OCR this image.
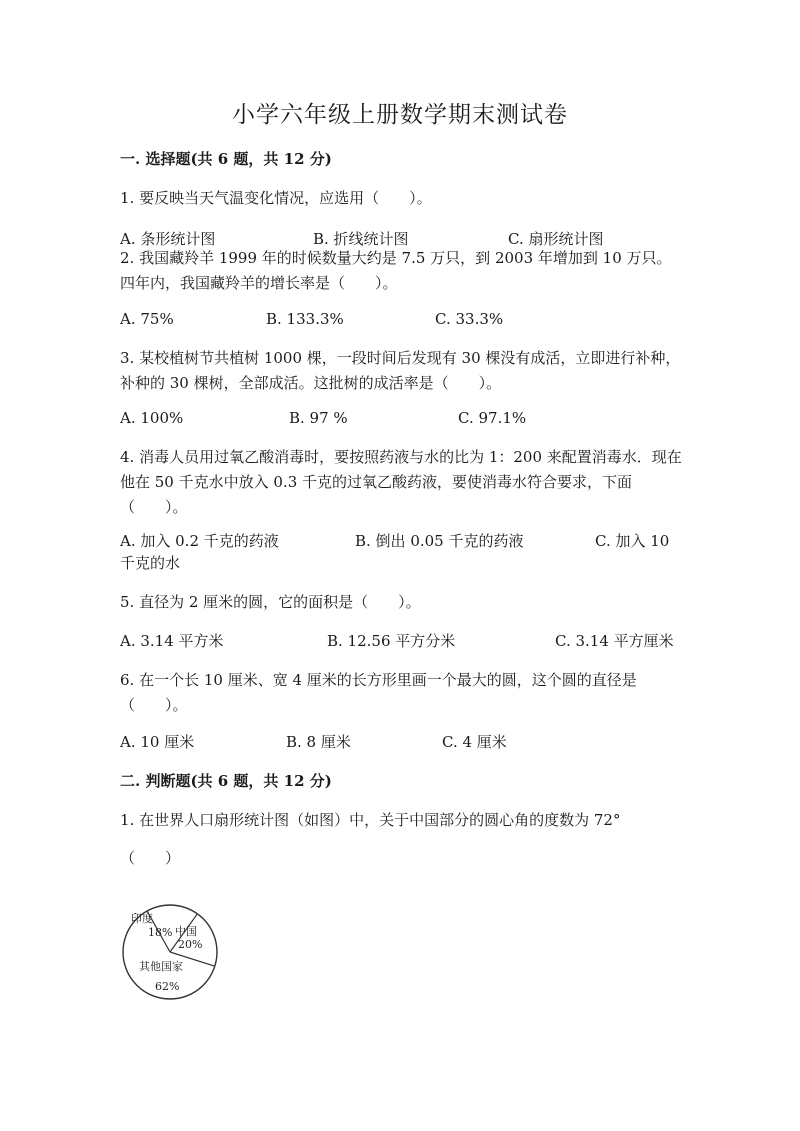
小学六年级上册数学期末测试卷
一. 选择题(共 6 题，共 12 分)
1. 要反映当天气温变化情况，应选用（　　）。
A. 条形统计图	B. 折线统计图	C. 扇形统计图
2. 我国藏羚羊 1999 年的时候数量大约是 7.5 万只，到 2003 年增加到 10 万只。四年内，我国藏羚羊的增长率是（　　）。
A. 75%	B. 133.3%	C. 33.3%
3. 某校植树节共植树 1000 棵，一段时间后发现有 30 棵没有成活，立即进行补种，补种的 30 棵树，全部成活。这批树的成活率是（　　）。
A. 100%	B. 97 %	C. 97.1%
4. 消毒人员用过氧乙酸消毒时，要按照药液与水的比为 1：200 来配置消毒水．现在他在 50 千克水中放入 0.3 千克的过氧乙酸药液，要使消毒水符合要求，下面（　　）。
A. 加入 0.2 千克的药液	B. 倒出 0.05 千克的药液	C. 加入 10
千克的水
5. 直径为 2 厘米的圆，它的面积是（　　）。
A. 3.14 平方米	B. 12.56 平方分米	C. 3.14 平方厘米
6. 在一个长 10 厘米、宽 4 厘米的长方形里画一个最大的圆，这个圆的直径是（　　）。
A. 10 厘米	B. 8 厘米	C. 4 厘米
二. 判断题(共 6 题，共 12 分)
1. 在世界人口扇形统计图（如图）中，关于中国部分的圆心角的度数为 72°
（　　）
印度
18% 中国
20%
其他国家
62%
